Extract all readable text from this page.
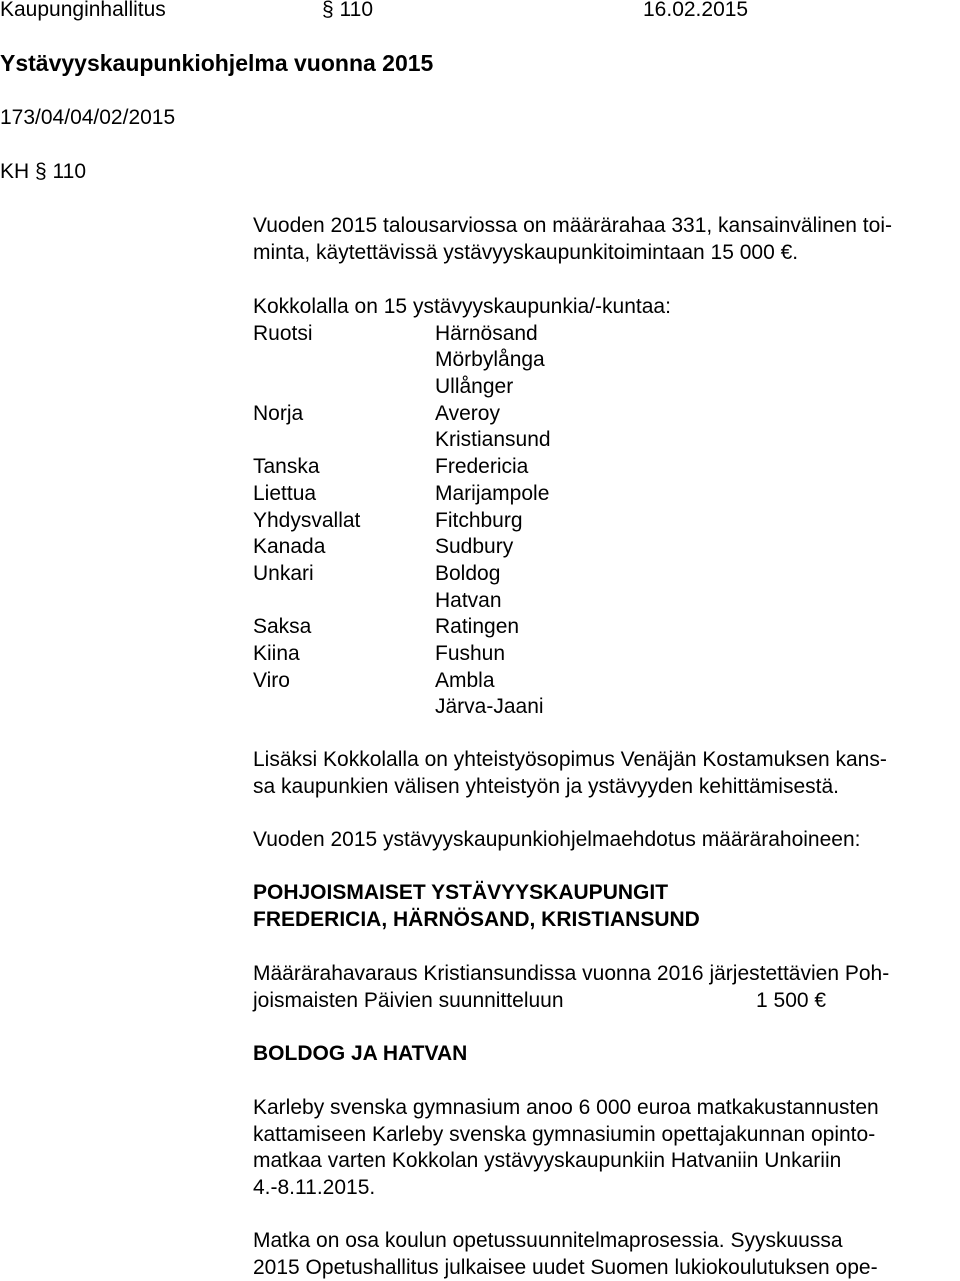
Kaupunginhallitus	§ 110	16.02.2015
Ystävyyskaupunkiohjelma vuonna 2015
173/04/04/02/2015
KH § 110
Vuoden 2015 talousarviossa on määrärahaa 331, kansainvälinen toi-
minta, käytettävissä ystävyyskaupunkitoimintaan 15 000 €.
Kokkolalla on 15 ystävyyskaupunkia/-kuntaa:
Ruotsi	Härnösand
Mörbylånga
Ullånger
Norja	Averoy
Kristiansund
Tanska	Fredericia
Liettua	Marijampole
Yhdysvallat	Fitchburg
Kanada	Sudbury
Unkari	Boldog
Hatvan
Saksa	Ratingen
Kiina	Fushun
Viro	Ambla
Järva-Jaani
Lisäksi Kokkolalla on yhteistyösopimus Venäjän Kostamuksen kans-
sa kaupunkien välisen yhteistyön ja ystävyyden kehittämisestä.
Vuoden 2015 ystävyyskaupunkiohjelmaehdotus määrärahoineen:
POHJOISMAISET YSTÄVYYSKAUPUNGIT
FREDERICIA, HÄRNÖSAND, KRISTIANSUND
Määrärahavaraus Kristiansundissa vuonna 2016 järjestettävien Poh-
joismaisten Päivien suunnitteluun	1 500 €
BOLDOG JA HATVAN
Karleby svenska gymnasium anoo 6 000 euroa matkakustannusten
kattamiseen Karleby svenska gymnasiumin opettajakunnan opinto-
matkaa varten Kokkolan ystävyyskaupunkiin Hatvaniin Unkariin
4.-8.11.2015.
Matka on osa koulun opetussuunnitelmaprosessia. Syyskuussa
2015 Opetushallitus julkaisee uudet Suomen lukiokoulutuksen ope-
